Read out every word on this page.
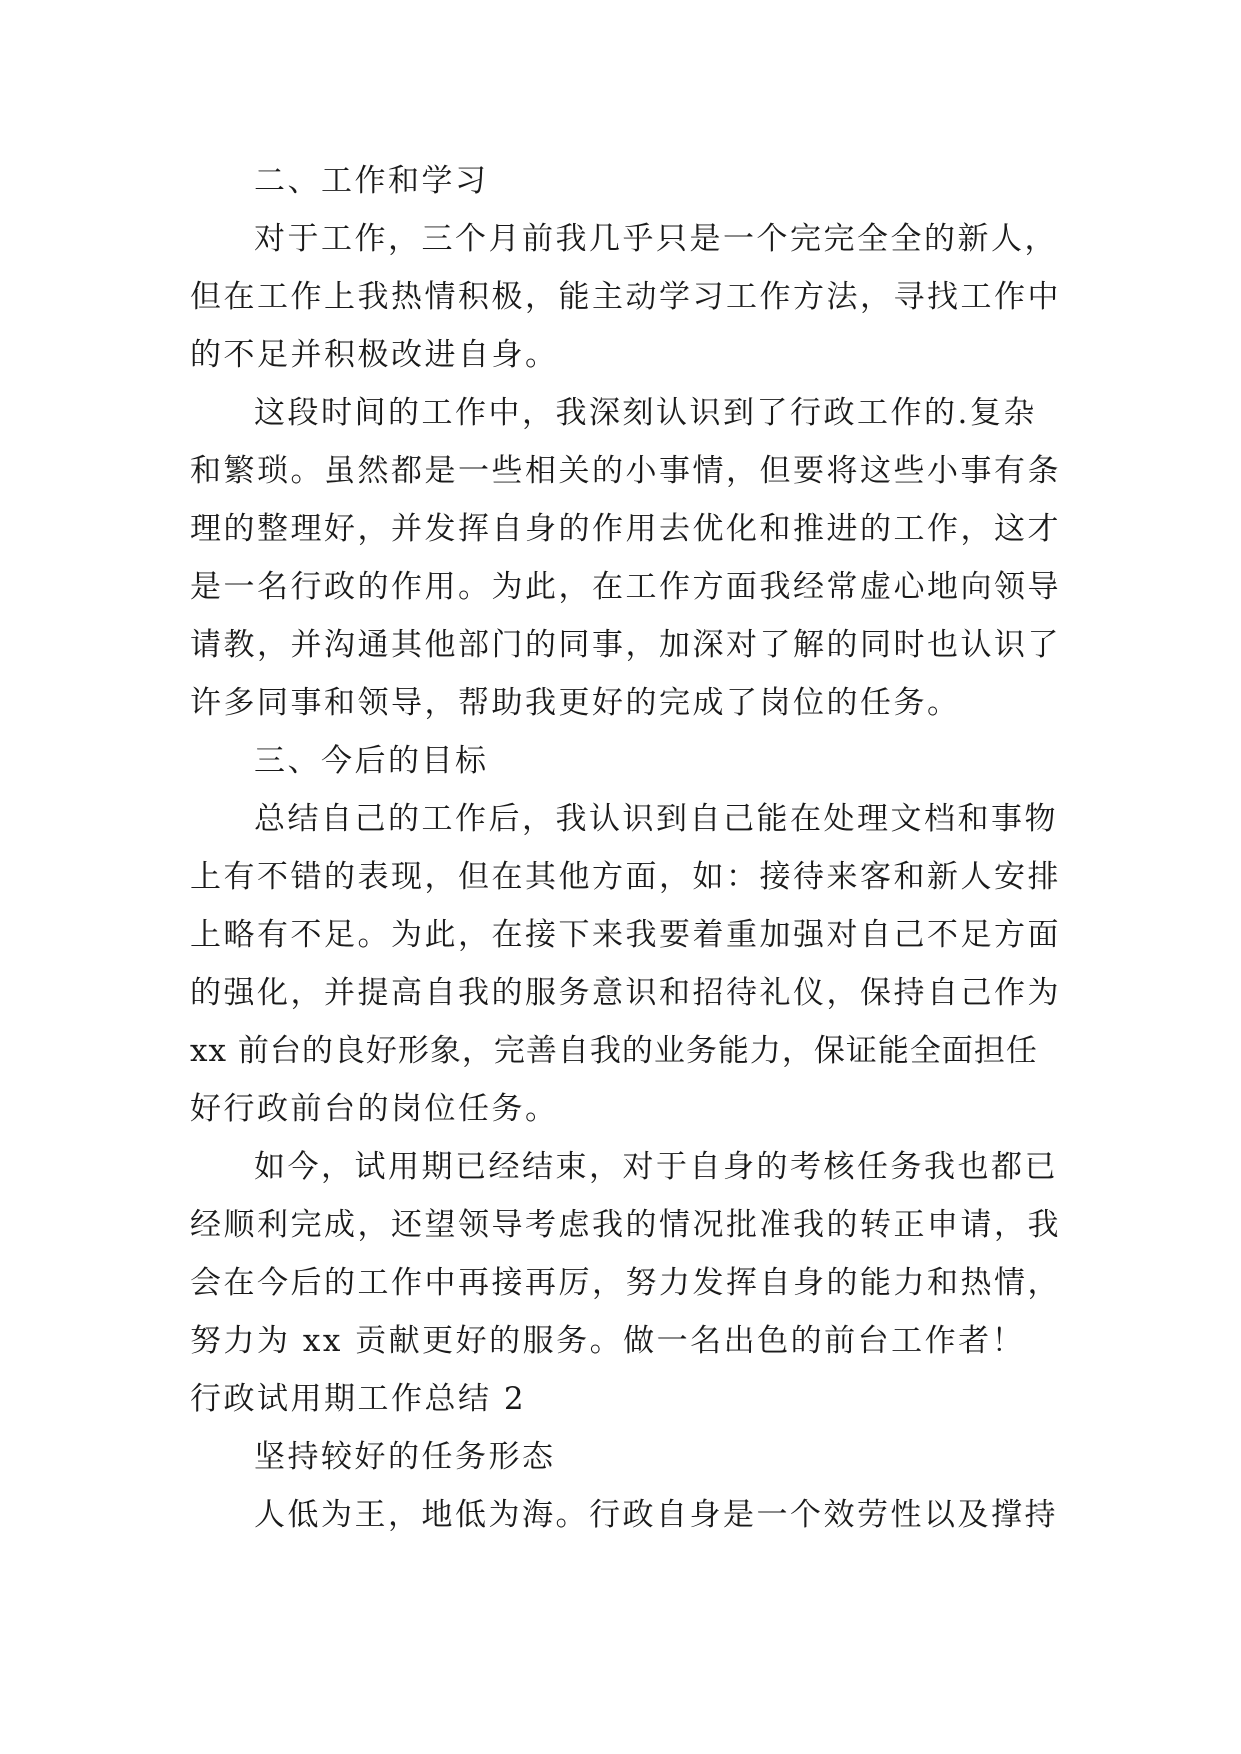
二、工作和学习
对于工作，三个月前我几乎只是一个完完全全的新人，
但在工作上我热情积极，能主动学习工作方法，寻找工作中
的不足并积极改进自身。
这段时间的工作中，我深刻认识到了行政工作的.复杂
和繁琐。虽然都是一些相关的小事情，但要将这些小事有条
理的整理好，并发挥自身的作用去优化和推进的工作，这才
是一名行政的作用。为此，在工作方面我经常虚心地向领导
请教，并沟通其他部门的同事，加深对了解的同时也认识了
许多同事和领导，帮助我更好的完成了岗位的任务。
三、今后的目标
总结自己的工作后，我认识到自己能在处理文档和事物
上有不错的表现，但在其他方面，如：接待来客和新人安排
上略有不足。为此，在接下来我要着重加强对自己不足方面
的强化，并提高自我的服务意识和招待礼仪，保持自己作为
xx 前台的良好形象，完善自我的业务能力，保证能全面担任
好行政前台的岗位任务。
如今，试用期已经结束，对于自身的考核任务我也都已
经顺利完成，还望领导考虑我的情况批准我的转正申请，我
会在今后的工作中再接再厉，努力发挥自身的能力和热情，
努力为 xx 贡献更好的服务。做一名出色的前台工作者！
行政试用期工作总结 2
坚持较好的任务形态
人低为王，地低为海。行政自身是一个效劳性以及撑持
